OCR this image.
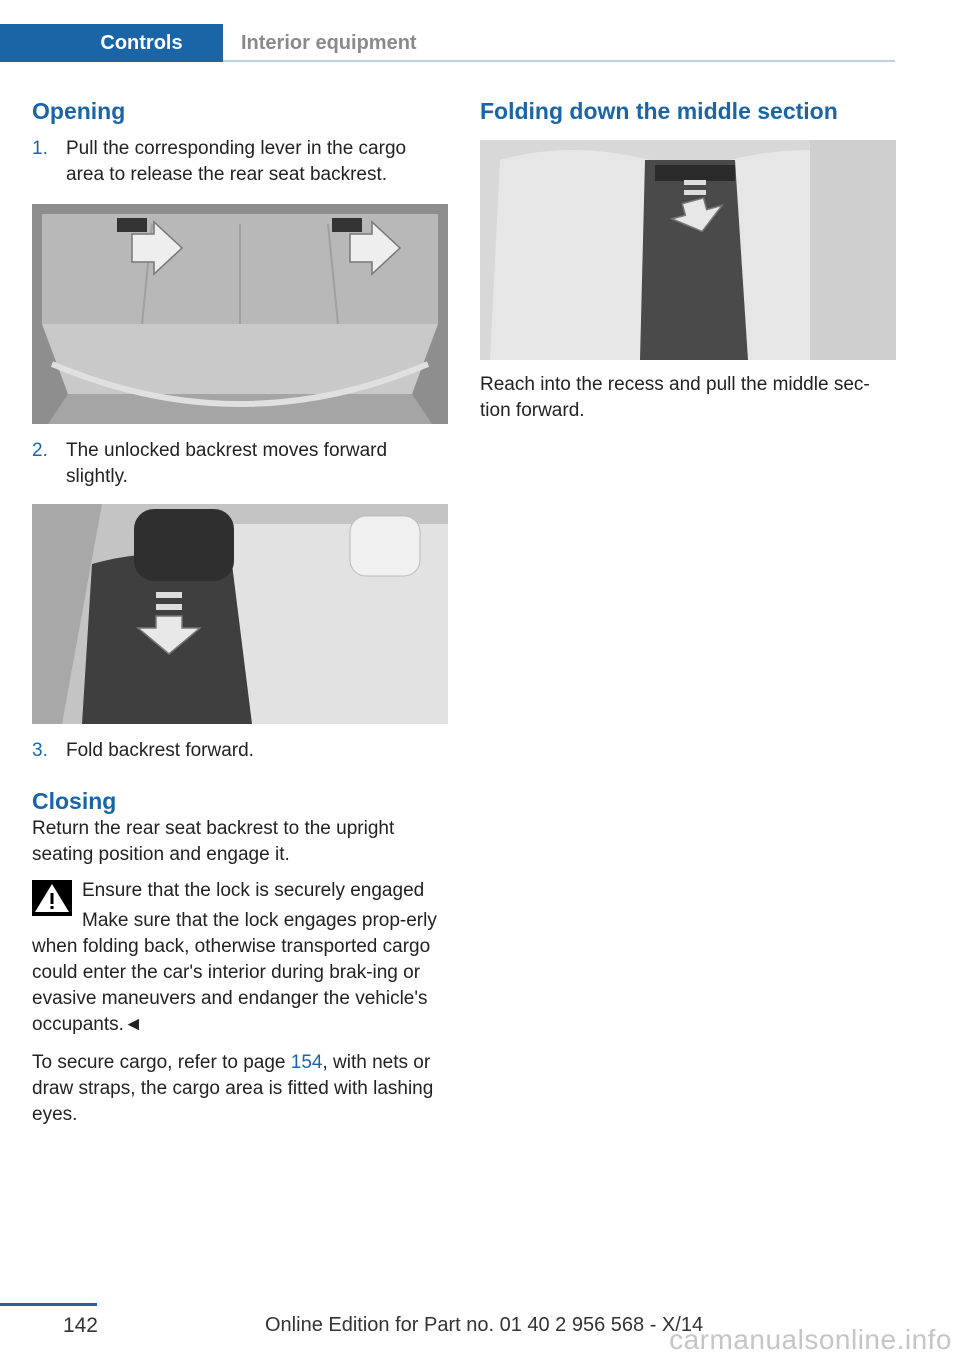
Controls	Interior equipment
Opening
1. Pull the corresponding lever in the cargo area to release the rear seat backrest.
2. The unlocked backrest moves forward slightly.
3. Fold backrest forward.
Closing

Return the rear seat backrest to the upright seating position and engage it.

Ensure that the lock is securely engaged
Make sure that the lock engages prop-erly when folding back, otherwise transported cargo could enter the car's interior during brak-ing or evasive maneuvers and endanger the vehicle's occupants.◄

To secure cargo, refer to page 154, with nets or draw straps, the cargo area is fitted with lashing eyes.

Folding down the middle section

Reach into the recess and pull the middle sec-tion forward.

142	Online Edition for Part no. 01 40 2 956 568 - X/14
carmanualsonline.info
